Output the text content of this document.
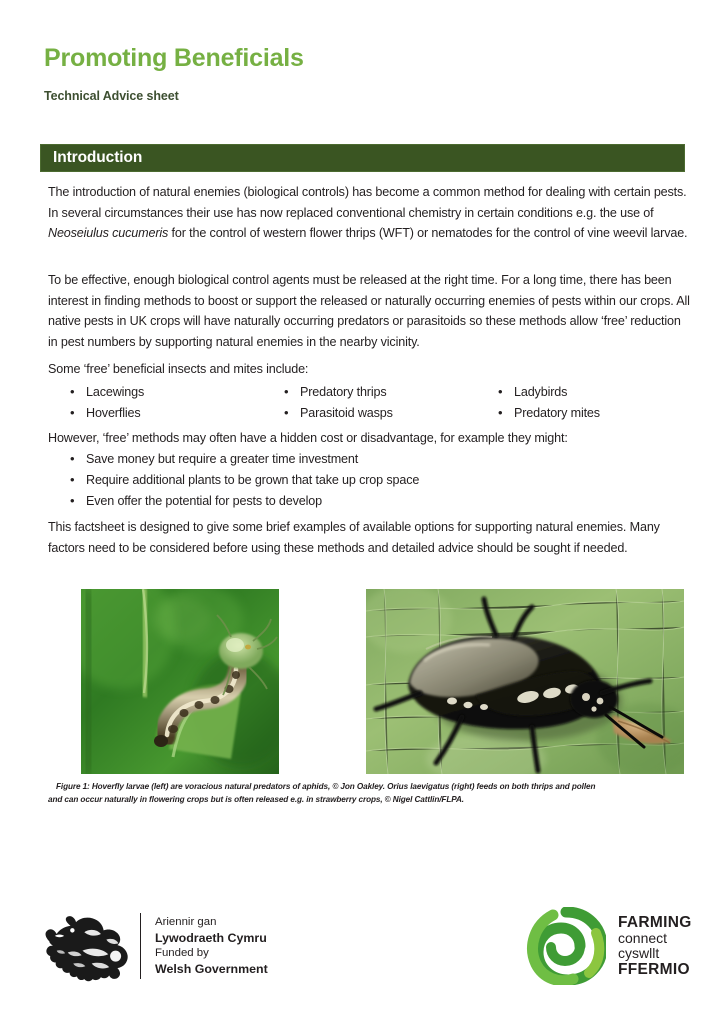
Promoting Beneficials
Technical Advice sheet
Introduction
The introduction of natural enemies (biological controls) has become a common method for dealing with certain pests. In several circumstances their use has now replaced conventional chemistry in certain conditions e.g. the use of Neoseiulus cucumeris for the control of western flower thrips (WFT) or nematodes for the control of vine weevil larvae.
To be effective, enough biological control agents must be released at the right time. For a long time, there has been interest in finding methods to boost or support the released or naturally occurring enemies of pests within our crops. All native pests in UK crops will have naturally occurring predators or parasitoids so these methods allow ‘free’ reduction in pest numbers by supporting natural enemies in the nearby vicinity.
Some ‘free’ beneficial insects and mites include:
• Lacewings
• Hoverflies
• Predatory thrips
• Parasitoid wasps
• Ladybirds
• Predatory mites
However, ‘free’ methods may often have a hidden cost or disadvantage, for example they might:
• Save money but require a greater time investment
• Require additional plants to be grown that take up crop space
• Even offer the potential for pests to develop
This factsheet is designed to give some brief examples of available options for supporting natural enemies. Many factors need to be considered before using these methods and detailed advice should be sought if needed.
Figure 1: Hoverfly larvae (left) are voracious natural predators of aphids, © Jon Oakley. Orius laevigatus (right) feeds on both thrips and pollen
and can occur naturally in flowering crops but is often released e.g. in strawberry crops, © Nigel Cattlin/FLPA.
Ariennir gan
Lywodraeth Cymru
Funded by
Welsh Government
FARMING
connect
cyswllt
FFERMIO
